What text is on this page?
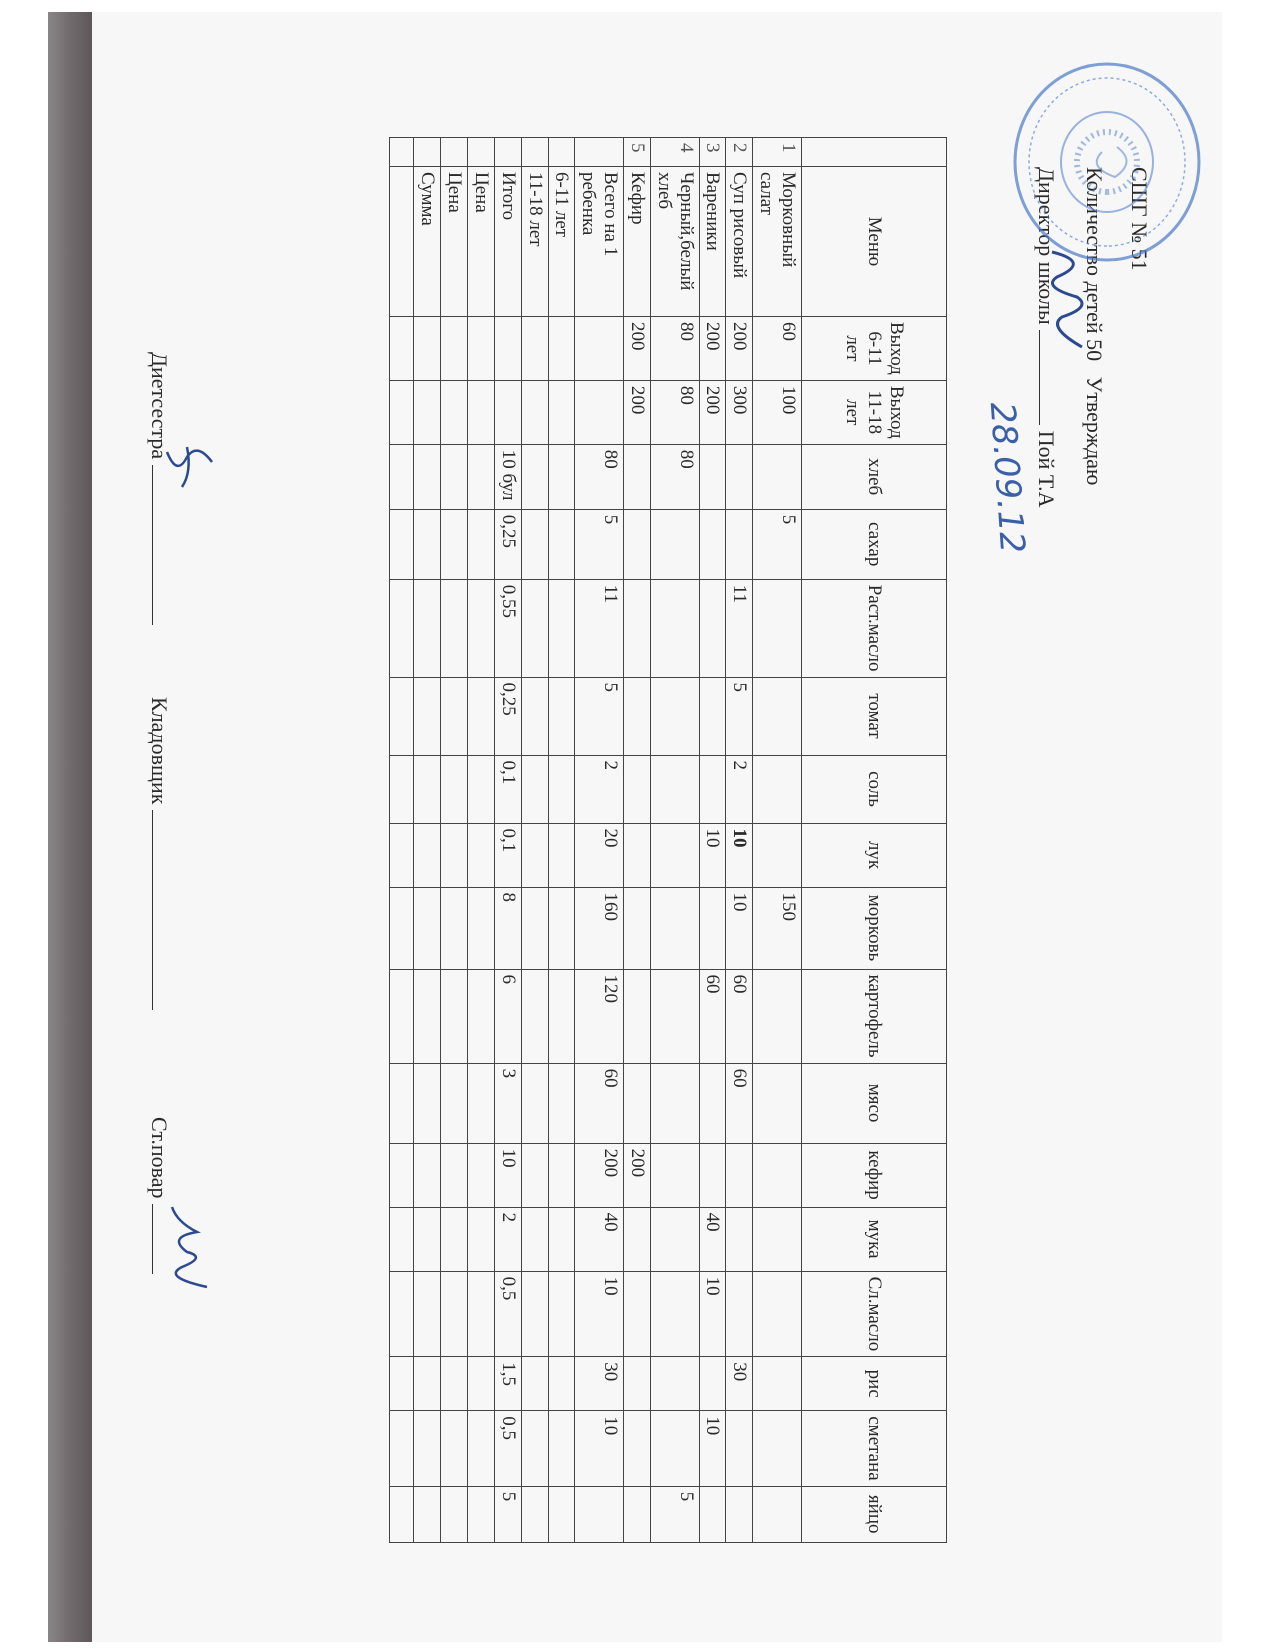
СШГ № 51
Количество детей 50 Утверждаю
Директор школы  Пой Т.А
28.09.12
	Меню	Выход 6-11 лет	Выход 11-18 лет	хлеб	сахар	Раст.масло	томат	соль	лук	морковь	картофель	мясо	кефир	мука	Сл.масло	рис	сметана	яйцо
1	Морковный салат	60	100		5					150								
2	Суп рисовый	200	300			11	5	2	10	10	60	60				30		
3	Вареники	200	200						10		60			40	10		10	
4	Черный,белый хлеб	80	80	80														5
5	Кефир	200	200										200					
	Всего на 1 ребенка			80	5	11	5	2	20	160	120	60	200	40	10	30	10	
	6-11 лет																	
	11-18 лет																	
	Итого			10 бул	0,25	0,55	0,25	0,1	0,1	8	6	3	10	2	0,5	1,5	0,5	5
	Цена																	
	Цена																	
	Сумма																	

Диетсестра
Кладовщик
Ст.повар
